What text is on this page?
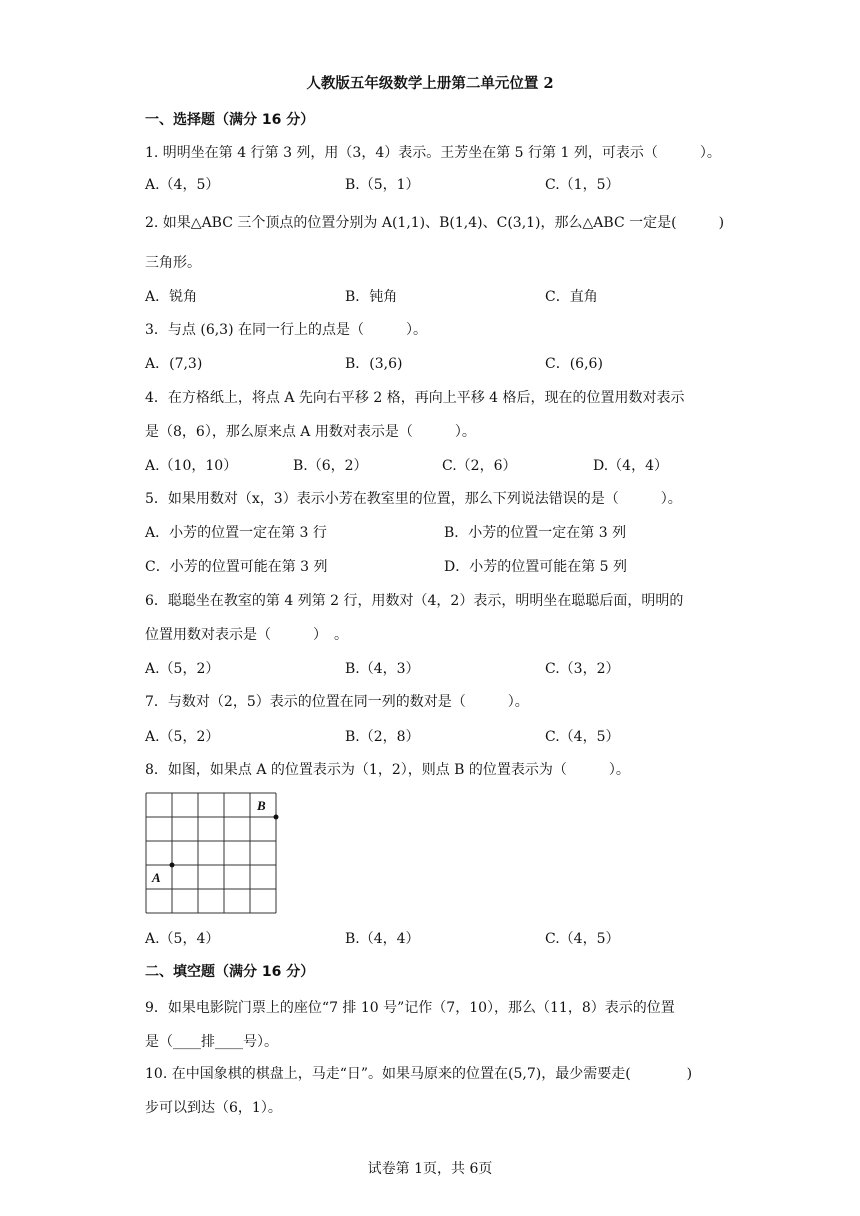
人教版五年级数学上册第二单元位置 2
一、选择题（满分 16 分）
1. 明明坐在第 4 行第 3 列，用（3，4）表示。王芳坐在第 5 行第 1 列，可表示（　　　）。
A.（4，5）	B.（5，1）	C.（1，5）
2. 如果△ABC 三个顶点的位置分别为 A(1,1)、B(1,4)、C(3,1)，那么△ABC 一定是(　　　)
三角形。
A．锐角	B．钝角	C．直角
3．与点 (6,3) 在同一行上的点是（　　　）。
A．(7,3)	B．(3,6)	C．(6,6)
4．在方格纸上，将点 A 先向右平移 2 格，再向上平移 4 格后，现在的位置用数对表示
是（8，6），那么原来点 A 用数对表示是（　　　）。
A.（10，10）	B.（6，2）	C.（2，6）	D.（4，4）
5．如果用数对（x，3）表示小芳在教室里的位置，那么下列说法错误的是（　　　）。
A．小芳的位置一定在第 3 行	B．小芳的位置一定在第 3 列
C．小芳的位置可能在第 3 列	D．小芳的位置可能在第 5 列
6．聪聪坐在教室的第 4 列第 2 行，用数对（4，2）表示，明明坐在聪聪后面，明明的
位置用数对表示是（　　　）　。
A.（5，2）	B.（4，3）	C.（3，2）
7．与数对（2，5）表示的位置在同一列的数对是（　　　）。
A.（5，2）	B.（2，8）	C.（4，5）
8．如图，如果点 A 的位置表示为（1，2），则点 B 的位置表示为（　　　）。
A
B
A.（5，4）	B.（4，4）	C.（4，5）
二、填空题（满分 16 分）
9．如果电影院门票上的座位“7 排 10 号”记作（7，10），那么（11，8）表示的位置
是（____排____号）。
10. 在中国象棋的棋盘上，马走“日”。如果马原来的位置在(5,7)，最少需要走(　　　　)
步可以到达（6，1）。
试卷第 1页，共 6页
